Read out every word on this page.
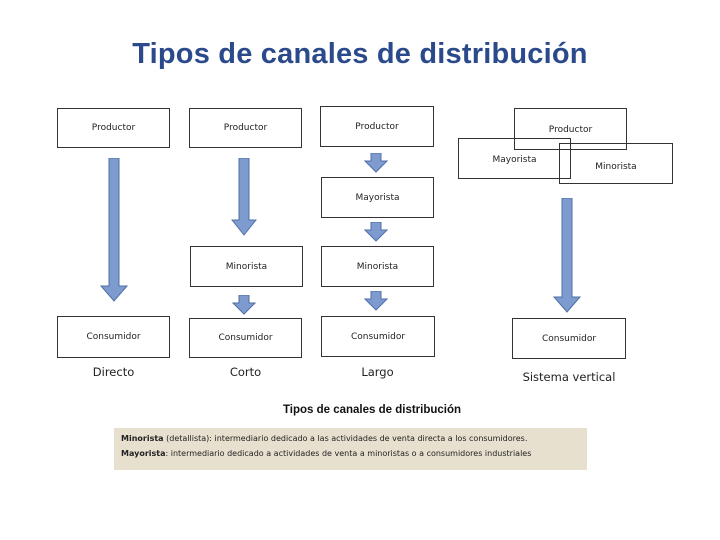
Tipos de canales de distribución
Productor
Consumidor
Directo
Productor
Minorista
Consumidor
Corto
Productor
Mayorista
Minorista
Consumidor
Largo
Productor
Mayorista
Minorista
Consumidor
Sistema vertical
Tipos de canales de distribución
Minorista (detallista): intermediario dedicado a las actividades de venta directa a los consumidores.
Mayorista: intermediario dedicado a actividades de venta a minoristas o a consumidores industriales
